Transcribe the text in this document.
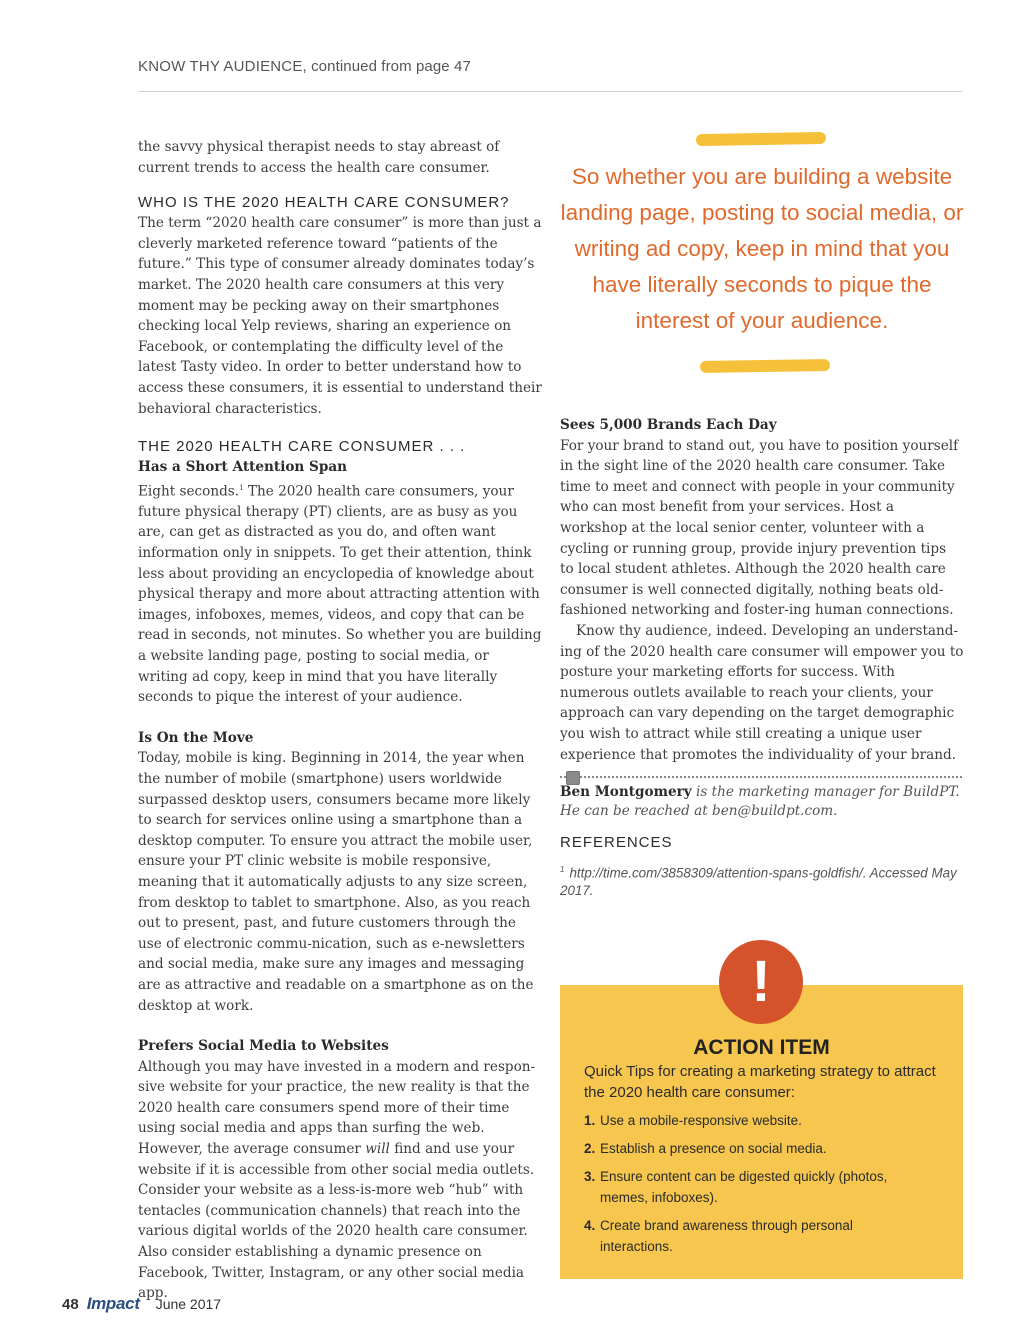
KNOW THY AUDIENCE, continued from page 47

the savvy physical therapist needs to stay abreast of current trends to access the health care consumer.

WHO IS THE 2020 HEALTH CARE CONSUMER?

The term “2020 health care consumer” is more than just a cleverly marketed reference toward “patients of the future.” This type of consumer already dominates today’s market. The 2020 health care consumers at this very moment may be pecking away on their smartphones checking local Yelp reviews, sharing an experience on Facebook, or contemplating the difficulty level of the latest Tasty video. In order to better understand how to access these consumers, it is essential to understand their behavioral characteristics.

THE 2020 HEALTH CARE CONSUMER . . .

Has a Short Attention Span

Eight seconds.$^1$ The 2020 health care consumers, your future physical therapy (PT) clients, are as busy as you are, can get as distracted as you do, and often want information only in snippets. To get their attention, think less about providing an encyclopedia of knowledge about physical therapy and more about attracting attention with images, infoboxes, memes, videos, and copy that can be read in seconds, not minutes. So whether you are building a website landing page, posting to social media, or writing ad copy, keep in mind that you have literally seconds to pique the interest of your audience.

Is On the Move

Today, mobile is king. Beginning in 2014, the year when the number of mobile (smartphone) users worldwide surpassed desktop users, consumers became more likely to search for services online using a smartphone than a desktop computer. To ensure you attract the mobile user, ensure your PT clinic website is mobile responsive, meaning that it automatically adjusts to any size screen, from desktop to tablet to smartphone. Also, as you reach out to present, past, and future customers through the use of electronic commu-nication, such as e-newsletters and social media, make sure any images and messaging are as attractive and readable on a smartphone as on the desktop at work.

Prefers Social Media to Websites

Although you may have invested in a modern and respon-sive website for your practice, the new reality is that the 2020 health care consumers spend more of their time using social media and apps than surfing the web. However, the average consumer will find and use your website if it is accessible from other social media outlets. Consider your website as a less-is-more web “hub” with tentacles (communication channels) that reach into the various digital worlds of the 2020 health care consumer. Also consider establishing a dynamic presence on Facebook, Twitter, Instagram, or any other social media app.

So whether you are building a website landing page, posting to social media, or writing ad copy, keep in mind that you have literally seconds to pique the interest of your audience.

Sees 5,000 Brands Each Day

For your brand to stand out, you have to position yourself in the sight line of the 2020 health care consumer. Take time to meet and connect with people in your community who can most benefit from your services. Host a workshop at the local senior center, volunteer with a cycling or running group, provide injury prevention tips to local student athletes. Although the 2020 health care consumer is well connected digitally, nothing beats old-fashioned networking and foster-ing human connections.

Know thy audience, indeed. Developing an understand-ing of the 2020 health care consumer will empower you to posture your marketing efforts for success. With numerous outlets available to reach your clients, your approach can vary depending on the target demographic you wish to attract while still creating a unique user experience that promotes the individuality of your brand.I

Ben Montgomery is the marketing manager for BuildPT. He can be reached at ben@buildpt.com.
REFERENCES
$^1$ http://time.com/3858309/attention-spans-goldfish/. Accessed May 2017.
!
ACTION ITEM
Quick Tips for creating a marketing strategy to attract the 2020 health care consumer:
1. Use a mobile-responsive website.
2. Establish a presence on social media.
3. Ensure content can be digested quickly (photos, memes, infoboxes).
4. Create brand awareness through personal interactions.
48 Impact June 2017
